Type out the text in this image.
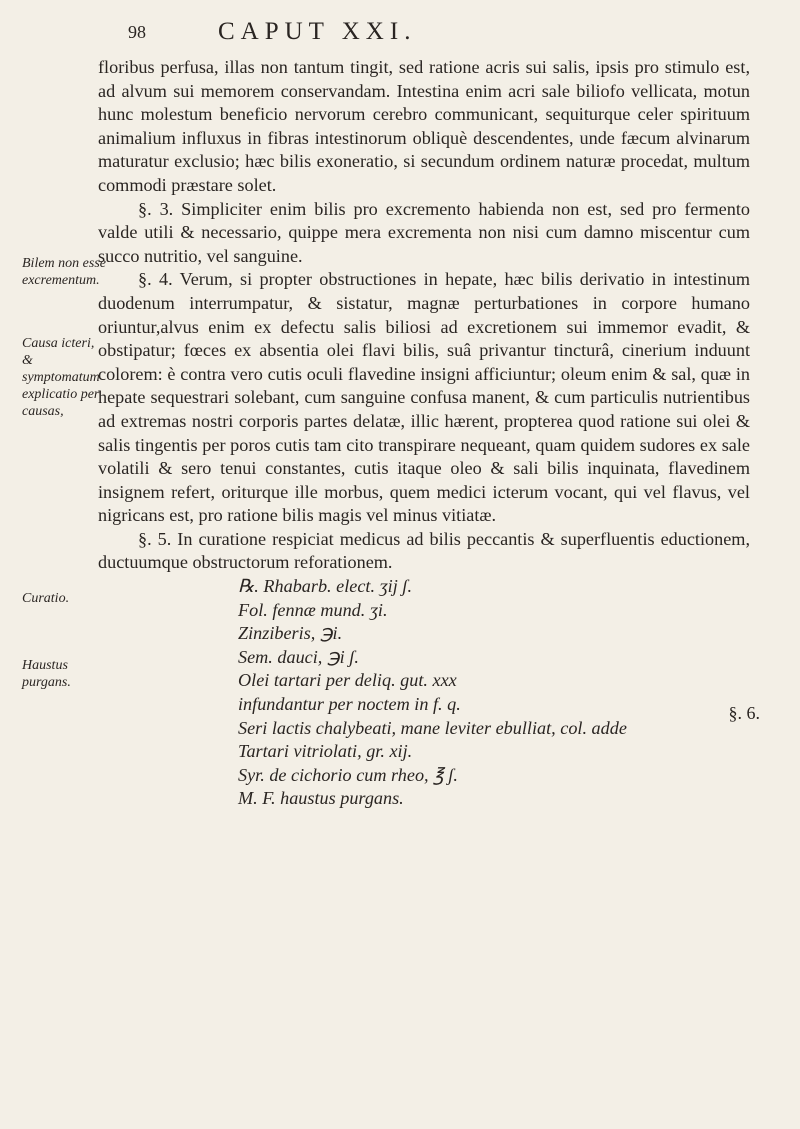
98	CAPUT XXI.
Bilem non esse excrementum.
Causa icteri, & symptomatum explicatio per causas,
Curatio.
Haustus purgans.

floribus perfusa, illas non tantum tingit, sed ratione acris sui salis, ipsis pro stimulo est, ad alvum sui memorem conservandam. Intestina enim acri sale biliofo vellicata, motun hunc molestum beneficio nervorum cerebro communicant, sequiturque celer spirituum animalium influxus in fibras intestinorum obliquè descendentes, unde fæcum alvinarum maturatur exclusio; hæc bilis exoneratio, si secundum ordinem naturæ procedat, multum commodi præstare solet.

§. 3. Simpliciter enim bilis pro excremento habienda non est, sed pro fermento valde utili & necessario, quippe mera excrementa non nisi cum damno miscentur cum succo nutritio, vel sanguine.

§. 4. Verum, si propter obstructiones in hepate, hæc bilis derivatio in intestinum duodenum interrumpatur, & sistatur, magnæ perturbationes in corpore humano oriuntur,alvus enim ex defectu salis biliosi ad excretionem sui immemor evadit, & obstipatur; fœces ex absentia olei flavi bilis, suâ privantur tincturâ, cinerium induunt colorem: è contra vero cutis oculi flavedine insigni afficiuntur; oleum enim & sal, quæ in hepate sequestrari solebant, cum sanguine confusa manent, & cum particulis nutrientibus ad extremas nostri corporis partes delatæ, illic hærent, propterea quod ratione sui olei & salis tingentis per poros cutis tam cito transpirare nequeant, quam quidem sudores ex sale volatili & sero tenui constantes, cutis itaque oleo & sali bilis inquinata, flavedinem insignem refert, oriturque ille morbus, quem medici icterum vocant, qui vel flavus, vel nigricans est, pro ratione bilis magis vel minus vitiatæ.

§. 5. In curatione respiciat medicus ad bilis peccantis & superfluentis eductionem, ductuumque obstructorum reforationem.

℞. Rhabarb. elect. ʒij ʃ.

Fol. fennæ mund. ʒi.

Zinziberis, ℈i.

Sem. dauci, ℈i ʃ.

Olei tartari per deliq. gut. xxx

infundantur per noctem in f. q.

Seri lactis chalybeati, mane leviter ebulliat, col. adde

Tartari vitriolati, gr. xij.

Syr. de cichorio cum rheo, ℥ ʃ.

M. F. haustus purgans.

§. 6.
